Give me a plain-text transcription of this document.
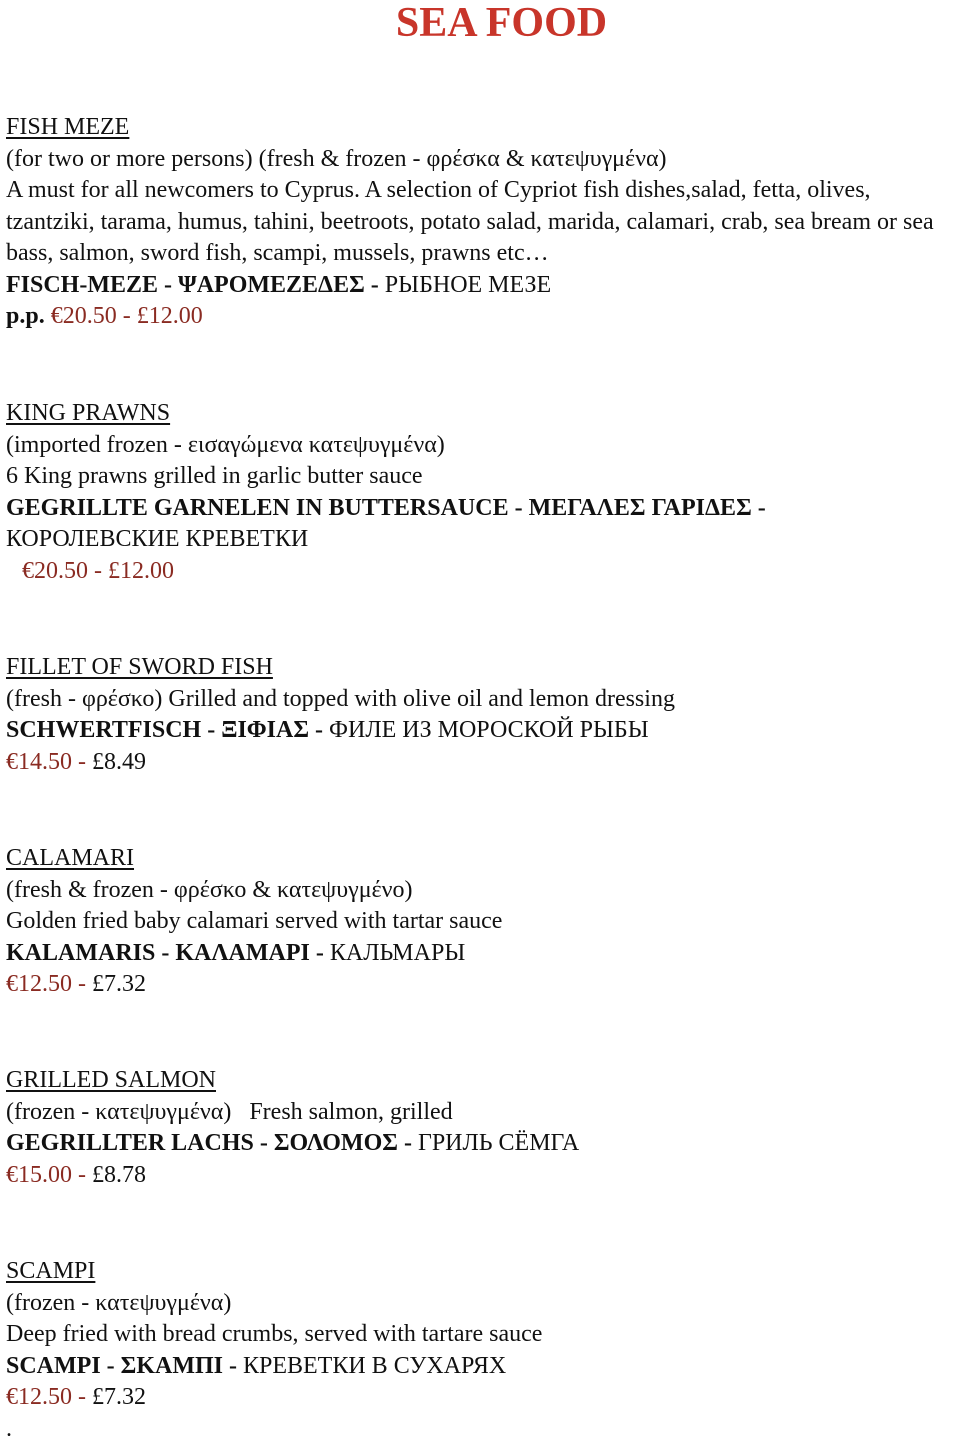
SEA FOOD
FISH MEZE
(for two or more persons) (fresh & frozen - φρέσκα & κατεψυγμένα)
A must for all newcomers to Cyprus. A selection of Cypriot fish dishes,salad, fetta, olives, tzantziki, tarama, humus, tahini, beetroots, potato salad, marida, calamari, crab, sea bream or sea bass, salmon, sword fish, scampi, mussels, prawns etc…
FISCH-MEZE - ΨΑΡΟΜΕΖΕΔΕΣ - РЫБНОЕ МЕЗЕ
p.p. €20.50 - £12.00
KING PRAWNS
(imported frozen - εισαγώμενα κατεψυγμένα)
6 King prawns grilled in garlic butter sauce
GEGRILLTE GARNELEN IN BUTTERSAUCE - ΜΕΓΑΛΕΣ ΓΑΡΙΔΕΣ -
КОРОЛЕВСКИЕ КРЕВЕТКИ
€20.50 - £12.00
FILLET OF SWORD FISH
(fresh - φρέσκο) Grilled and topped with olive oil and lemon dressing
SCHWERTFISCH - ΞΙΦΙΑΣ - ФИЛЕ ИЗ МОРОСКОЙ РЫБЫ
€14.50 - £8.49
CALAMARI
(fresh & frozen - φρέσκο & κατεψυγμένο)
Golden fried baby calamari served with tartar sauce
KALAMARIS - ΚΑΛΑΜΑΡΙ - КАЛЬМАРЫ
€12.50 - £7.32
GRILLED SALMON
(frozen - κατεψυγμένα)   Fresh salmon, grilled
GEGRILLTER LACHS - ΣΟΛΟΜΟΣ - ГРИЛЬ СЁМГА
€15.00 - £8.78
SCAMPI
(frozen - κατεψυγμένα)
Deep fried with bread crumbs, served with tartare sauce
SCAMPI - ΣΚΑΜΠΙ - КРЕВЕТКИ В СУХАРЯХ
€12.50 - £7.32
.
